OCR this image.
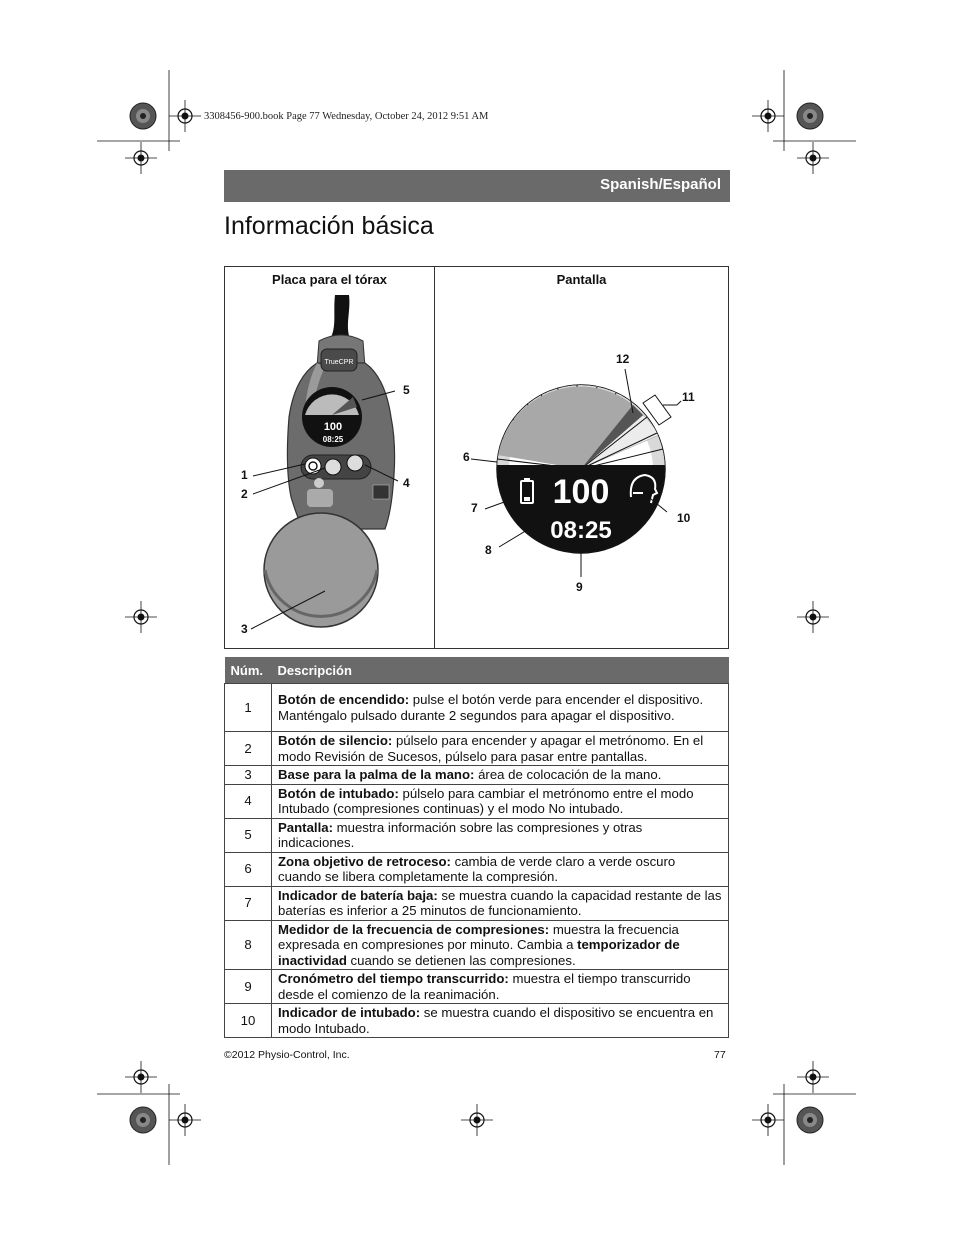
3308456-900.book Page 77 Wednesday, October 24, 2012 9:51 AM
Spanish/Español
Información básica
Placa para el tórax	Pantalla
TrueCPR
100
08:25
5
1
2
4
3
100
08:25
12
11
6
7
10
8
9
Núm.	Descripción
1	Botón de encendido: pulse el botón verde para encender el dispositivo. Manténgalo pulsado durante 2 segundos para apagar el dispositivo.
2	Botón de silencio: púlselo para encender y apagar el metrónomo. En el modo Revisión de Sucesos, púlselo para pasar entre pantallas.
3	Base para la palma de la mano: área de colocación de la mano.
4	Botón de intubado: púlselo para cambiar el metrónomo entre el modo Intubado (compresiones continuas) y el modo No intubado.
5	Pantalla: muestra información sobre las compresiones y otras indicaciones.
6	Zona objetivo de retroceso: cambia de verde claro a verde oscuro cuando se libera completamente la compresión.
7	Indicador de batería baja: se muestra cuando la capacidad restante de las baterías es inferior a 25 minutos de funcionamiento.
8	Medidor de la frecuencia de compresiones: muestra la frecuencia expresada en compresiones por minuto. Cambia a temporizador de inactividad cuando se detienen las compresiones.
9	Cronómetro del tiempo transcurrido: muestra el tiempo transcurrido desde el comienzo de la reanimación.
10	Indicador de intubado: se muestra cuando el dispositivo se encuentra en modo Intubado.
©2012 Physio-Control, Inc.	77
